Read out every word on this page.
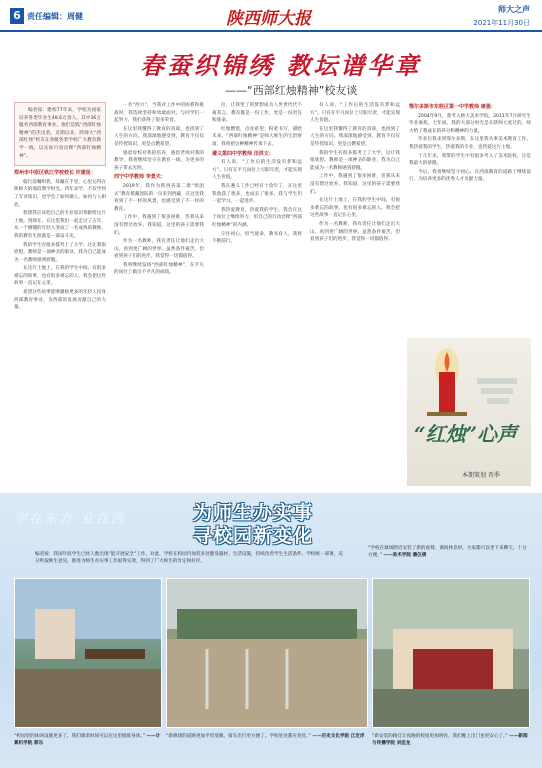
6 责任编辑：周健	陕西师大报	师大之声
2021年11月30日
春蚕织锦绣 教坛谱华章
——“西部红烛精神”校友谈

编者按：建校77年来，学校为国家培养各类毕业生48.6万余人，其中36万服务西部教育事业。他们是践“西部红烛精神”的杰出者。近期以来，陕师大“西部红烛”校友在各级各类学校广大教育教学一线，以实际行动诠释“西部红烛精神”。

郑州市中原区铁江学校校长 许建昆：

临行前嘱咐我，珍藏在手里，心里记得在陕师大的那段教学时光。四年求学，不仅学到了专业知识，也学会了如何做人，如何与人相处。

我想我应该把自己的专业知识奉献给这片土地。到现在，在这里我们一起走过了五年，从一个懵懂的年轻人变成了一名成熟的教师，我的教育生涯就是一部奋斗史。

我的学生有很多都考上了大学，这让我很欣慰。教师是一项神圣的职业，我为自己能成为一名教师感到骄傲。

在这片土地上，在我的学生中间，有很多难忘的故事，也有很多难忘的人。我会把这些故事一直记在心里。

希望这些故事能够激励更多的年轻人投身西部教育事业，为西部的发展贡献自己的力量。

一名“西兴”，当我对工作中的困难和挑战时，我选择坚持和勇敢面对。与同学们一起努力，我们获得了很多荣誉。

在这里我懂得了教育的真谛，也找到了人生的方向。我深深地感受到，教育不仅仅是传授知识，更是点燃希望。

感恩母校对我的培养，感恩老师对我的教导，我将继续坚守在教育一线，为更多的孩子带去光明。

西宁中学教师 李景夫：

2019年，我作为陕西省第二批“组团式”教育援藏团队的一员来到西藏，在这里我看到了不一样的风景，也感受到了不一样的教育。

工作中，我遇到了很多困难，但我从来没有想过放弃。我知道，这里的孩子需要我们。

作为一名教师，我有责任让他们走出大山，看到更广阔的世界。虽然条件艰苦，但看到孩子们的进步，我觉得一切都值得。

我将继续发扬“西部红烛精神”，在平凡的岗位上做出不平凡的成绩。

位，让我变了的梦想成为人世世代代不离其言。教育既是一份工作，更是一份责任和使命。

红烛燃烧，点亮希望；粉笔书写，描绘未来。“西部红烛精神”是师大师生的宝贵财富，我将把这种精神传承下去。

遵义第四中学教师 田洪文：

有人说，“工作后的生活没有梦和远方”。只有在平凡岗位上尽职尽责，才能实现人生价值。

我在遵义工作已经有十余年了，在这里我收获了很多，也成长了很多。我与学生们一起学习、一起进步。

我热爱教育，热爱我的学生。我会在这个岗位上继续努力，用自己的行动诠释“西部红烛精神”的内涵。

守住初心，担当使命，教书育人，我将不断前行。

有人说，“工作后的生活没有梦和远方”。只有在平凡岗位上尽职尽责，才能实现人生价值。

在这里我懂得了教育的真谛，也找到了人生的方向。我深深地感受到，教育不仅仅是传授知识，更是点燃希望。

我的学生有很多都考上了大学，这让我很欣慰。教师是一项神圣的职业，我为自己能成为一名教师感到骄傲。

工作中，我遇到了很多困难，但我从来没有想过放弃。我知道，这里的孩子需要我们。

在这片土地上，在我的学生中间，有很多难忘的故事，也有很多难忘的人。我会把这些故事一直记在心里。

作为一名教师，我有责任让他们走出大山，看到更广阔的世界。虽然条件艰苦，但看到孩子们的进步，我觉得一切都值得。

鄂尔多斯市东胜区第一中学教师 康强：

2004年9月，我考入师大美术学院。2011年7月研究生毕业离校。七年间，我的大部分时光是在陕师大度过的，师大给了我成长的养分和精神的力量。

毕业后我来到鄂尔多斯，在这里我从事美术教育工作。我热爱我的学生，热爱我的专业，也热爱这片土地。

十几年来，我带的学生中有很多考入了美术院校，这是我最大的骄傲。

今后，我将继续坚守初心，在西部教育的道路上继续前行，为培养更多的优秀人才贡献力量。

“红烛”心声
本期策划 晋季
学在东方 业在西	为师生办实事
寻校园新变化
编者按：我国年底学生已经人数出现“能开展安全”工作，对此，学校在校园内加装多处健身器材、生活设施，持续改善学生生活条件。学校统一部署，充分听取师生意见，推进为师生办实事工作取得实效，得到了广大师生的肯定和好评。
“校园里的休闲设施更多了，我们课余时间可以在这里锻炼身体。” ——计算机学院 郭乐
“新修建的道路更加平坦宽敞，骑车出行更方便了。学校处处都在变化。” ——历史文化学院 江定洋	“新安装的路灯让夜晚的校园更加明亮，我们晚上出门也更安心了。” ——新闻与传播学院 刘佳龙
“学校在球场附近安装了新的座椅，课间休息时，大家都可以坐下来聊天，十分方便。” ——美术学院 潘仪倩
